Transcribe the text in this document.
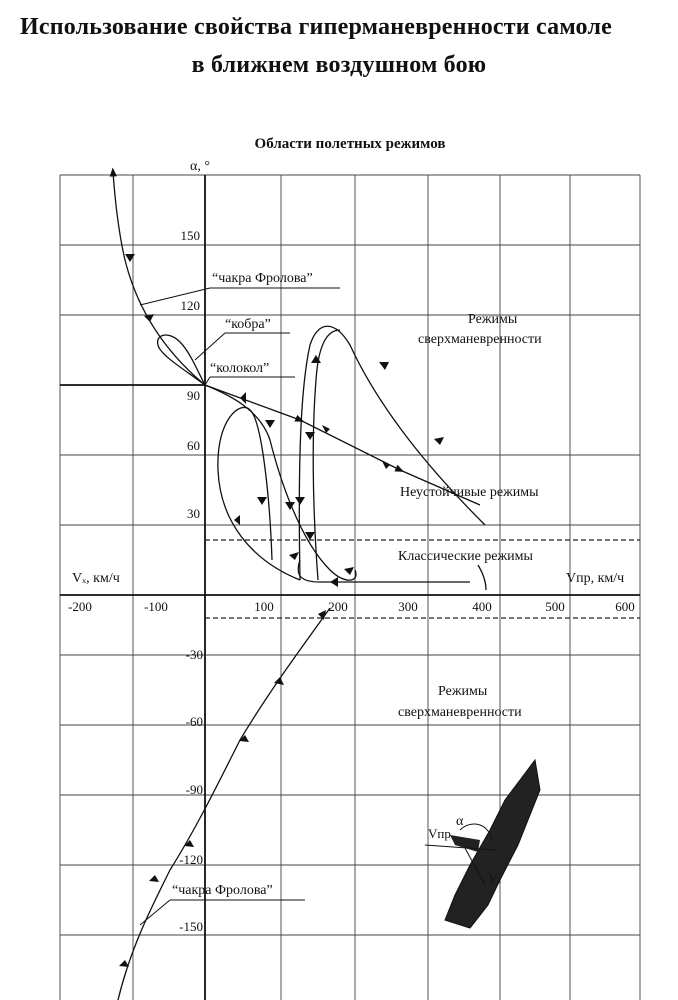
Использование свойства гиперманевренности самоле
в ближнем воздушном бою
Области полетных режимов
α, °
Vₓ, км/ч	Vпр, км/ч
-200	-100	100	200	300	400	500	600
150
120
90
60
30
-30
-60
-90
-120
-150
“чакра Фролова”
“кобра”
“колокол”
Режимы
сверхманевренности
Неустойчивые режимы
Классические режимы
Режимы
сверхманевренности
“чакра Фролова”
α
Vпр
Vₓ
